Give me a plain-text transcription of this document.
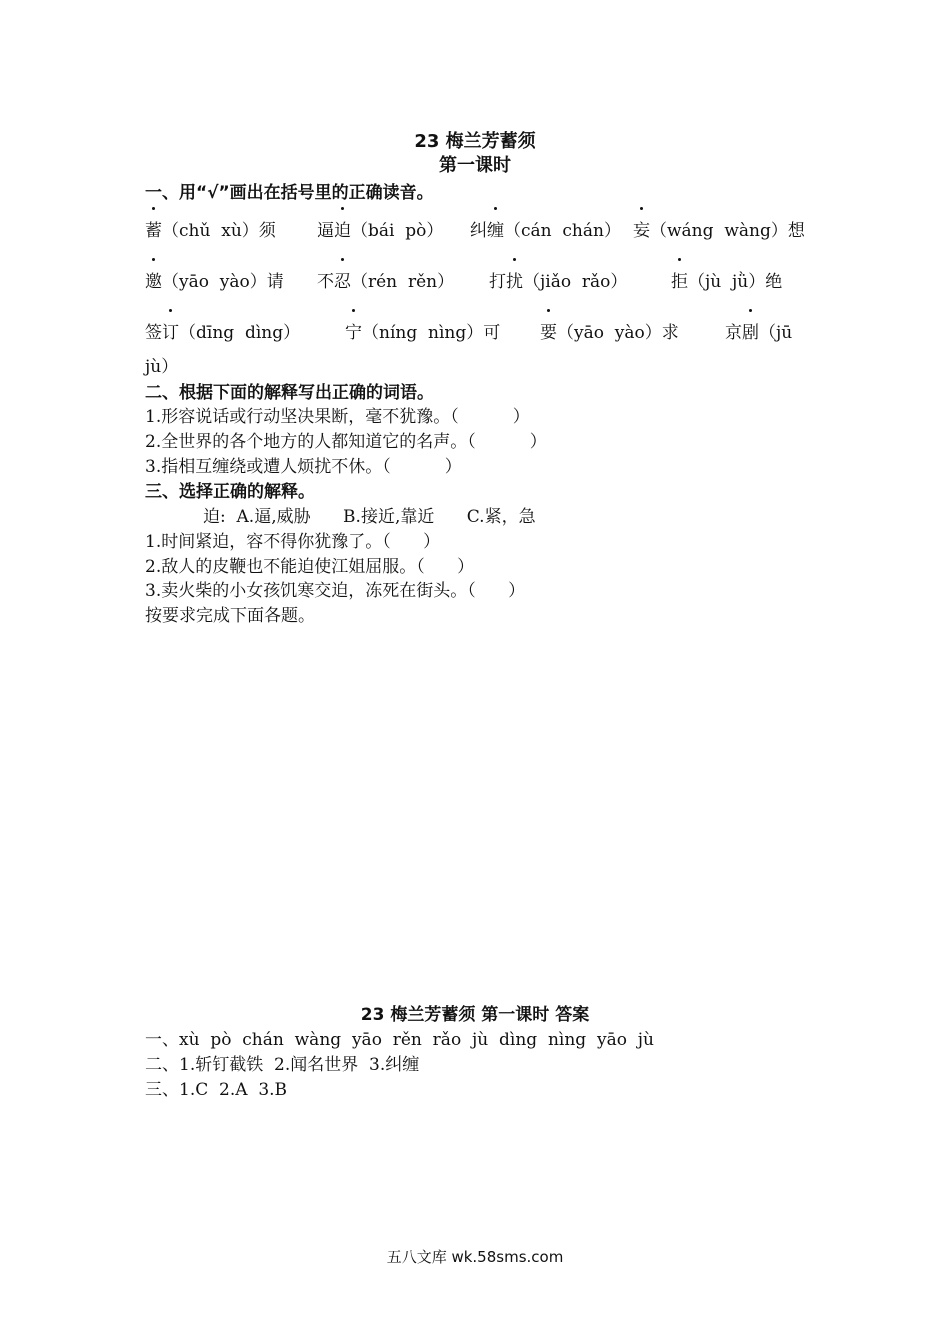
23 梅兰芳蓄须
第一课时
一、用“√”画出在括号里的正确读音。
蓄（chǔ  xù）须 逼迫（bái  pò） 纠缠（cán  chán） 妄（wáng  wàng）想
邀（yāo  yào）请 不忍（rén  rěn） 打扰（jiǎo  rǎo）	拒（jù  jǜ）绝
签订（dīng  dìng）	宁（níng  nìng）可 要（yāo  yào）求	京剧（jū
jù）
二、根据下面的解释写出正确的词语。
1.形容说话或行动坚决果断，毫不犹豫。（          ）
2.全世界的各个地方的人都知道它的名声。（          ）
3.指相互缠绕或遭人烦扰不休。（          ）
三、选择正确的解释。
迫:  A.逼,威胁      B.接近,靠近      C.紧，急
1.时间紧迫，容不得你犹豫了。（      ）
2.敌人的皮鞭也不能迫使江姐屈服。（      ）
3.卖火柴的小女孩饥寒交迫，冻死在街头。（      ）
按要求完成下面各题。
23 梅兰芳蓄须 第一课时 答案
一、xù  pò  chán  wàng  yāo  rěn  rǎo  jù  dìng  nìng  yāo  jù
二、1.斩钉截铁  2.闻名世界  3.纠缠
三、1.C  2.A  3.B
五八文库 wk.58sms.com
